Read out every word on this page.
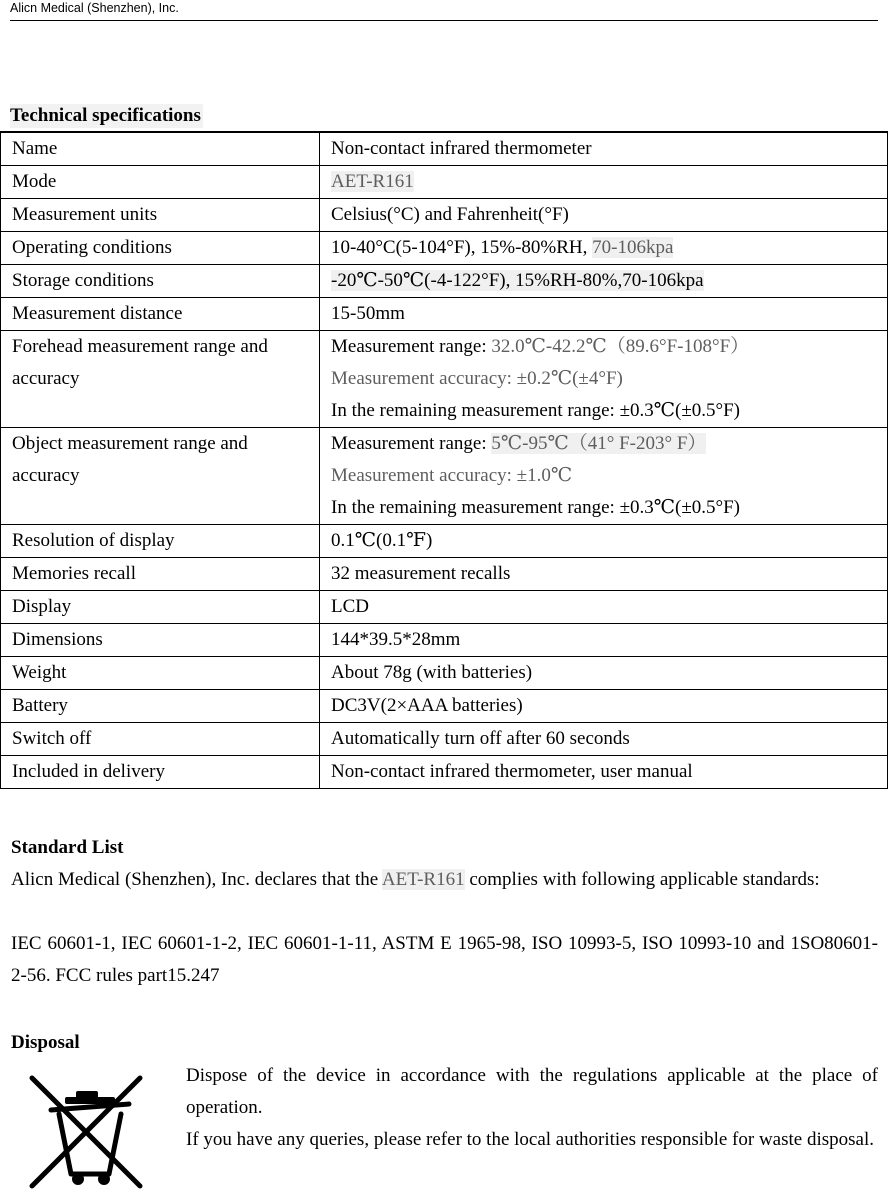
Alicn Medical (Shenzhen), Inc.
Technical specifications
Name	Non-contact infrared thermometer

Mode	AET-R161

Measurement units	Celsius(°C) and Fahrenheit(°F)

Operating conditions	10-40°C(5-104°F), 15%-80%RH, 70-106kpa

Storage conditions	-20℃-50℃(-4-122°F), 15%RH-80%,70-106kpa

Measurement distance	15-50mm

Forehead measurement range and accuracy	Measurement range: 32.0℃-42.2℃（89.6°F-108°F）
Measurement accuracy: ±0.2℃(±4°F)
In the remaining measurement range: ±0.3℃(±0.5°F)

Object measurement range and accuracy	Measurement range: 5℃-95℃（41° F-203° F）
Measurement accuracy: ±1.0℃
In the remaining measurement range: ±0.3℃(±0.5°F)

Resolution of display	0.1℃(0.1℉)

Memories recall	32 measurement recalls

Display	LCD

Dimensions	144*39.5*28mm

Weight	About 78g (with batteries)

Battery	DC3V(2×AAA batteries)

Switch off	Automatically turn off after 60 seconds

Included in delivery	Non-contact infrared thermometer, user manual
Standard List

Alicn Medical (Shenzhen), Inc. declares that the AET-R161 complies with following applicable standards:

IEC 60601-1, IEC 60601-1-2, IEC 60601-1-11, ASTM E 1965-98, ISO 10993-5, ISO 10993-10 and 1SO80601-2-56. FCC rules part15.247

Disposal

Dispose of the device in accordance with the regulations applicable at the place of operation.

If you have any queries, please refer to the local authorities responsible for waste disposal.
